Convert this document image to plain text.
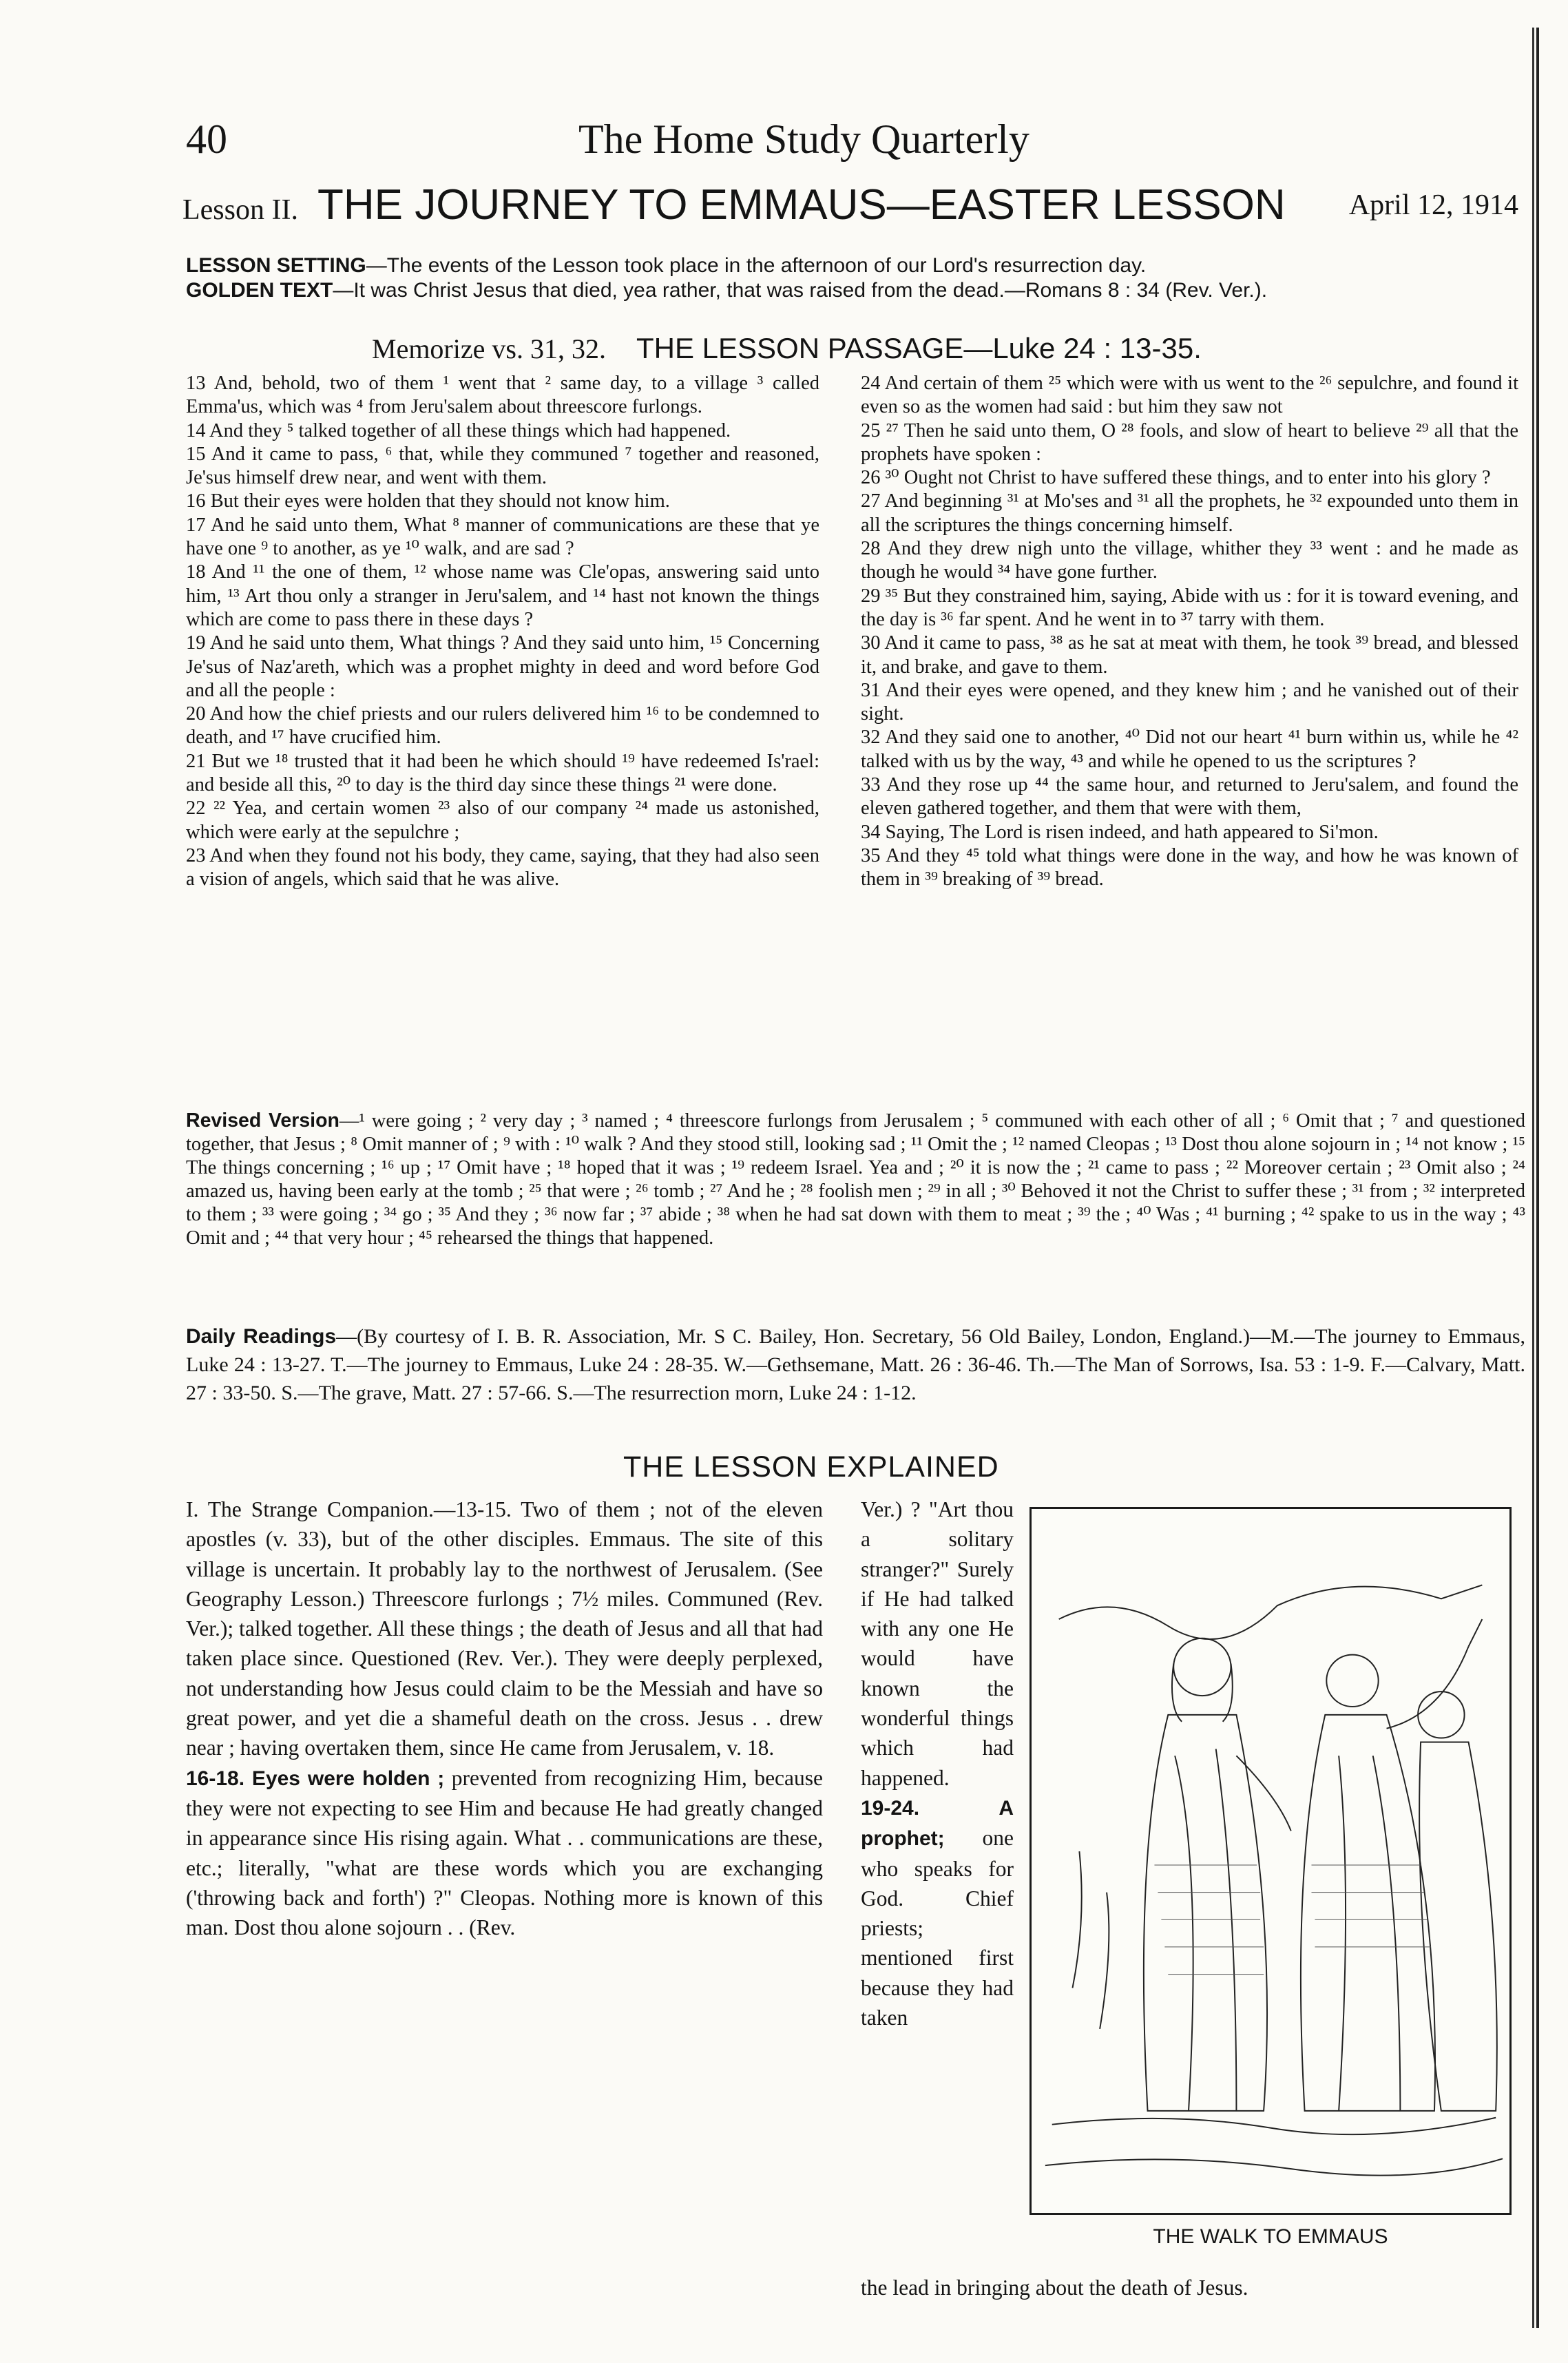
40	The Home Study Quarterly
Lesson II. THE JOURNEY TO EMMAUS—EASTER LESSON April 12, 1914
LESSON SETTING—The events of the Lesson took place in the afternoon of our Lord's resurrection day.
GOLDEN TEXT—It was Christ Jesus that died, yea rather, that was raised from the dead.—Romans 8 : 34 (Rev. Ver.).
Memorize vs. 31, 32. THE LESSON PASSAGE—Luke 24 : 13-35.

13 And, behold, two of them ¹ went that ² same day, to a village ³ called Emma'us, which was ⁴ from Jeru'salem about threescore furlongs.

14 And they ⁵ talked together of all these things which had happened.

15 And it came to pass, ⁶ that, while they communed ⁷ together and reasoned, Je'sus himself drew near, and went with them.

16 But their eyes were holden that they should not know him.

17 And he said unto them, What ⁸ manner of communications are these that ye have one ⁹ to another, as ye ¹⁰ walk, and are sad ?

18 And ¹¹ the one of them, ¹² whose name was Cle'opas, answering said unto him, ¹³ Art thou only a stranger in Jeru'salem, and ¹⁴ hast not known the things which are come to pass there in these days ?

19 And he said unto them, What things ? And they said unto him, ¹⁵ Concerning Je'sus of Naz'areth, which was a prophet mighty in deed and word before God and all the people :

20 And how the chief priests and our rulers delivered him ¹⁶ to be condemned to death, and ¹⁷ have crucified him.

21 But we ¹⁸ trusted that it had been he which should ¹⁹ have redeemed Is'rael: and beside all this, ²⁰ to day is the third day since these things ²¹ were done.

22 ²² Yea, and certain women ²³ also of our company ²⁴ made us astonished, which were early at the sepulchre ;

23 And when they found not his body, they came, saying, that they had also seen a vision of angels, which said that he was alive.

24 And certain of them ²⁵ which were with us went to the ²⁶ sepulchre, and found it even so as the women had said : but him they saw not

25 ²⁷ Then he said unto them, O ²⁸ fools, and slow of heart to believe ²⁹ all that the prophets have spoken :

26 ³⁰ Ought not Christ to have suffered these things, and to enter into his glory ?

27 And beginning ³¹ at Mo'ses and ³¹ all the prophets, he ³² expounded unto them in all the scriptures the things concerning himself.

28 And they drew nigh unto the village, whither they ³³ went : and he made as though he would ³⁴ have gone further.

29 ³⁵ But they constrained him, saying, Abide with us : for it is toward evening, and the day is ³⁶ far spent. And he went in to ³⁷ tarry with them.

30 And it came to pass, ³⁸ as he sat at meat with them, he took ³⁹ bread, and blessed it, and brake, and gave to them.

31 And their eyes were opened, and they knew him ; and he vanished out of their sight.

32 And they said one to another, ⁴⁰ Did not our heart ⁴¹ burn within us, while he ⁴² talked with us by the way, ⁴³ and while he opened to us the scriptures ?

33 And they rose up ⁴⁴ the same hour, and returned to Jeru'salem, and found the eleven gathered together, and them that were with them,

34 Saying, The Lord is risen indeed, and hath appeared to Si'mon.

35 And they ⁴⁵ told what things were done in the way, and how he was known of them in ³⁹ breaking of ³⁹ bread.

Revised Version—¹ were going ; ² very day ; ³ named ; ⁴ threescore furlongs from Jerusalem ; ⁵ communed with each other of all ; ⁶ Omit that ; ⁷ and questioned together, that Jesus ; ⁸ Omit manner of ; ⁹ with : ¹⁰ walk ? And they stood still, looking sad ; ¹¹ Omit the ; ¹² named Cleopas ; ¹³ Dost thou alone sojourn in ; ¹⁴ not know ; ¹⁵ The things concerning ; ¹⁶ up ; ¹⁷ Omit have ; ¹⁸ hoped that it was ; ¹⁹ redeem Israel. Yea and ; ²⁰ it is now the ; ²¹ came to pass ; ²² Moreover certain ; ²³ Omit also ; ²⁴ amazed us, having been early at the tomb ; ²⁵ that were ; ²⁶ tomb ; ²⁷ And he ; ²⁸ foolish men ; ²⁹ in all ; ³⁰ Behoved it not the Christ to suffer these ; ³¹ from ; ³² interpreted to them ; ³³ were going ; ³⁴ go ; ³⁵ And they ; ³⁶ now far ; ³⁷ abide ; ³⁸ when he had sat down with them to meat ; ³⁹ the ; ⁴⁰ Was ; ⁴¹ burning ; ⁴² spake to us in the way ; ⁴³ Omit and ; ⁴⁴ that very hour ; ⁴⁵ rehearsed the things that happened.
Daily Readings—(By courtesy of I. B. R. Association, Mr. S C. Bailey, Hon. Secretary, 56 Old Bailey, London, England.)—M.—The journey to Emmaus, Luke 24 : 13-27. T.—The journey to Emmaus, Luke 24 : 28-35. W.—Gethsemane, Matt. 26 : 36-46. Th.—The Man of Sorrows, Isa. 53 : 1-9. F.—Calvary, Matt. 27 : 33-50. S.—The grave, Matt. 27 : 57-66. S.—The resurrection morn, Luke 24 : 1-12.
THE LESSON EXPLAINED

I. The Strange Companion.—13-15. Two of them ; not of the eleven apostles (v. 33), but of the other disciples. Emmaus. The site of this village is uncertain. It probably lay to the northwest of Jerusalem. (See Geography Lesson.) Threescore furlongs ; 7½ miles. Communed (Rev. Ver.); talked together. All these things ; the death of Jesus and all that had taken place since. Questioned (Rev. Ver.). They were deeply perplexed, not understanding how Jesus could claim to be the Messiah and have so great power, and yet die a shameful death on the cross. Jesus . . drew near ; having overtaken them, since He came from Jerusalem, v. 18.

16-18. Eyes were holden ; prevented from recognizing Him, because they were not expecting to see Him and because He had greatly changed in appearance since His rising again. What . . communications are these, etc.; literally, "what are these words which you are exchanging ('throwing back and forth') ?" Cleopas. Nothing more is known of this man. Dost thou alone sojourn . . (Rev.

Ver.) ? "Art thou a solitary stranger?" Surely if He had talked with any one He would have known the wonderful things which had happened.

19-24. A prophet; one who speaks for God. Chief priests; mentioned first because they had taken

THE WALK TO EMMAUS
the lead in bringing about the death of Jesus.
